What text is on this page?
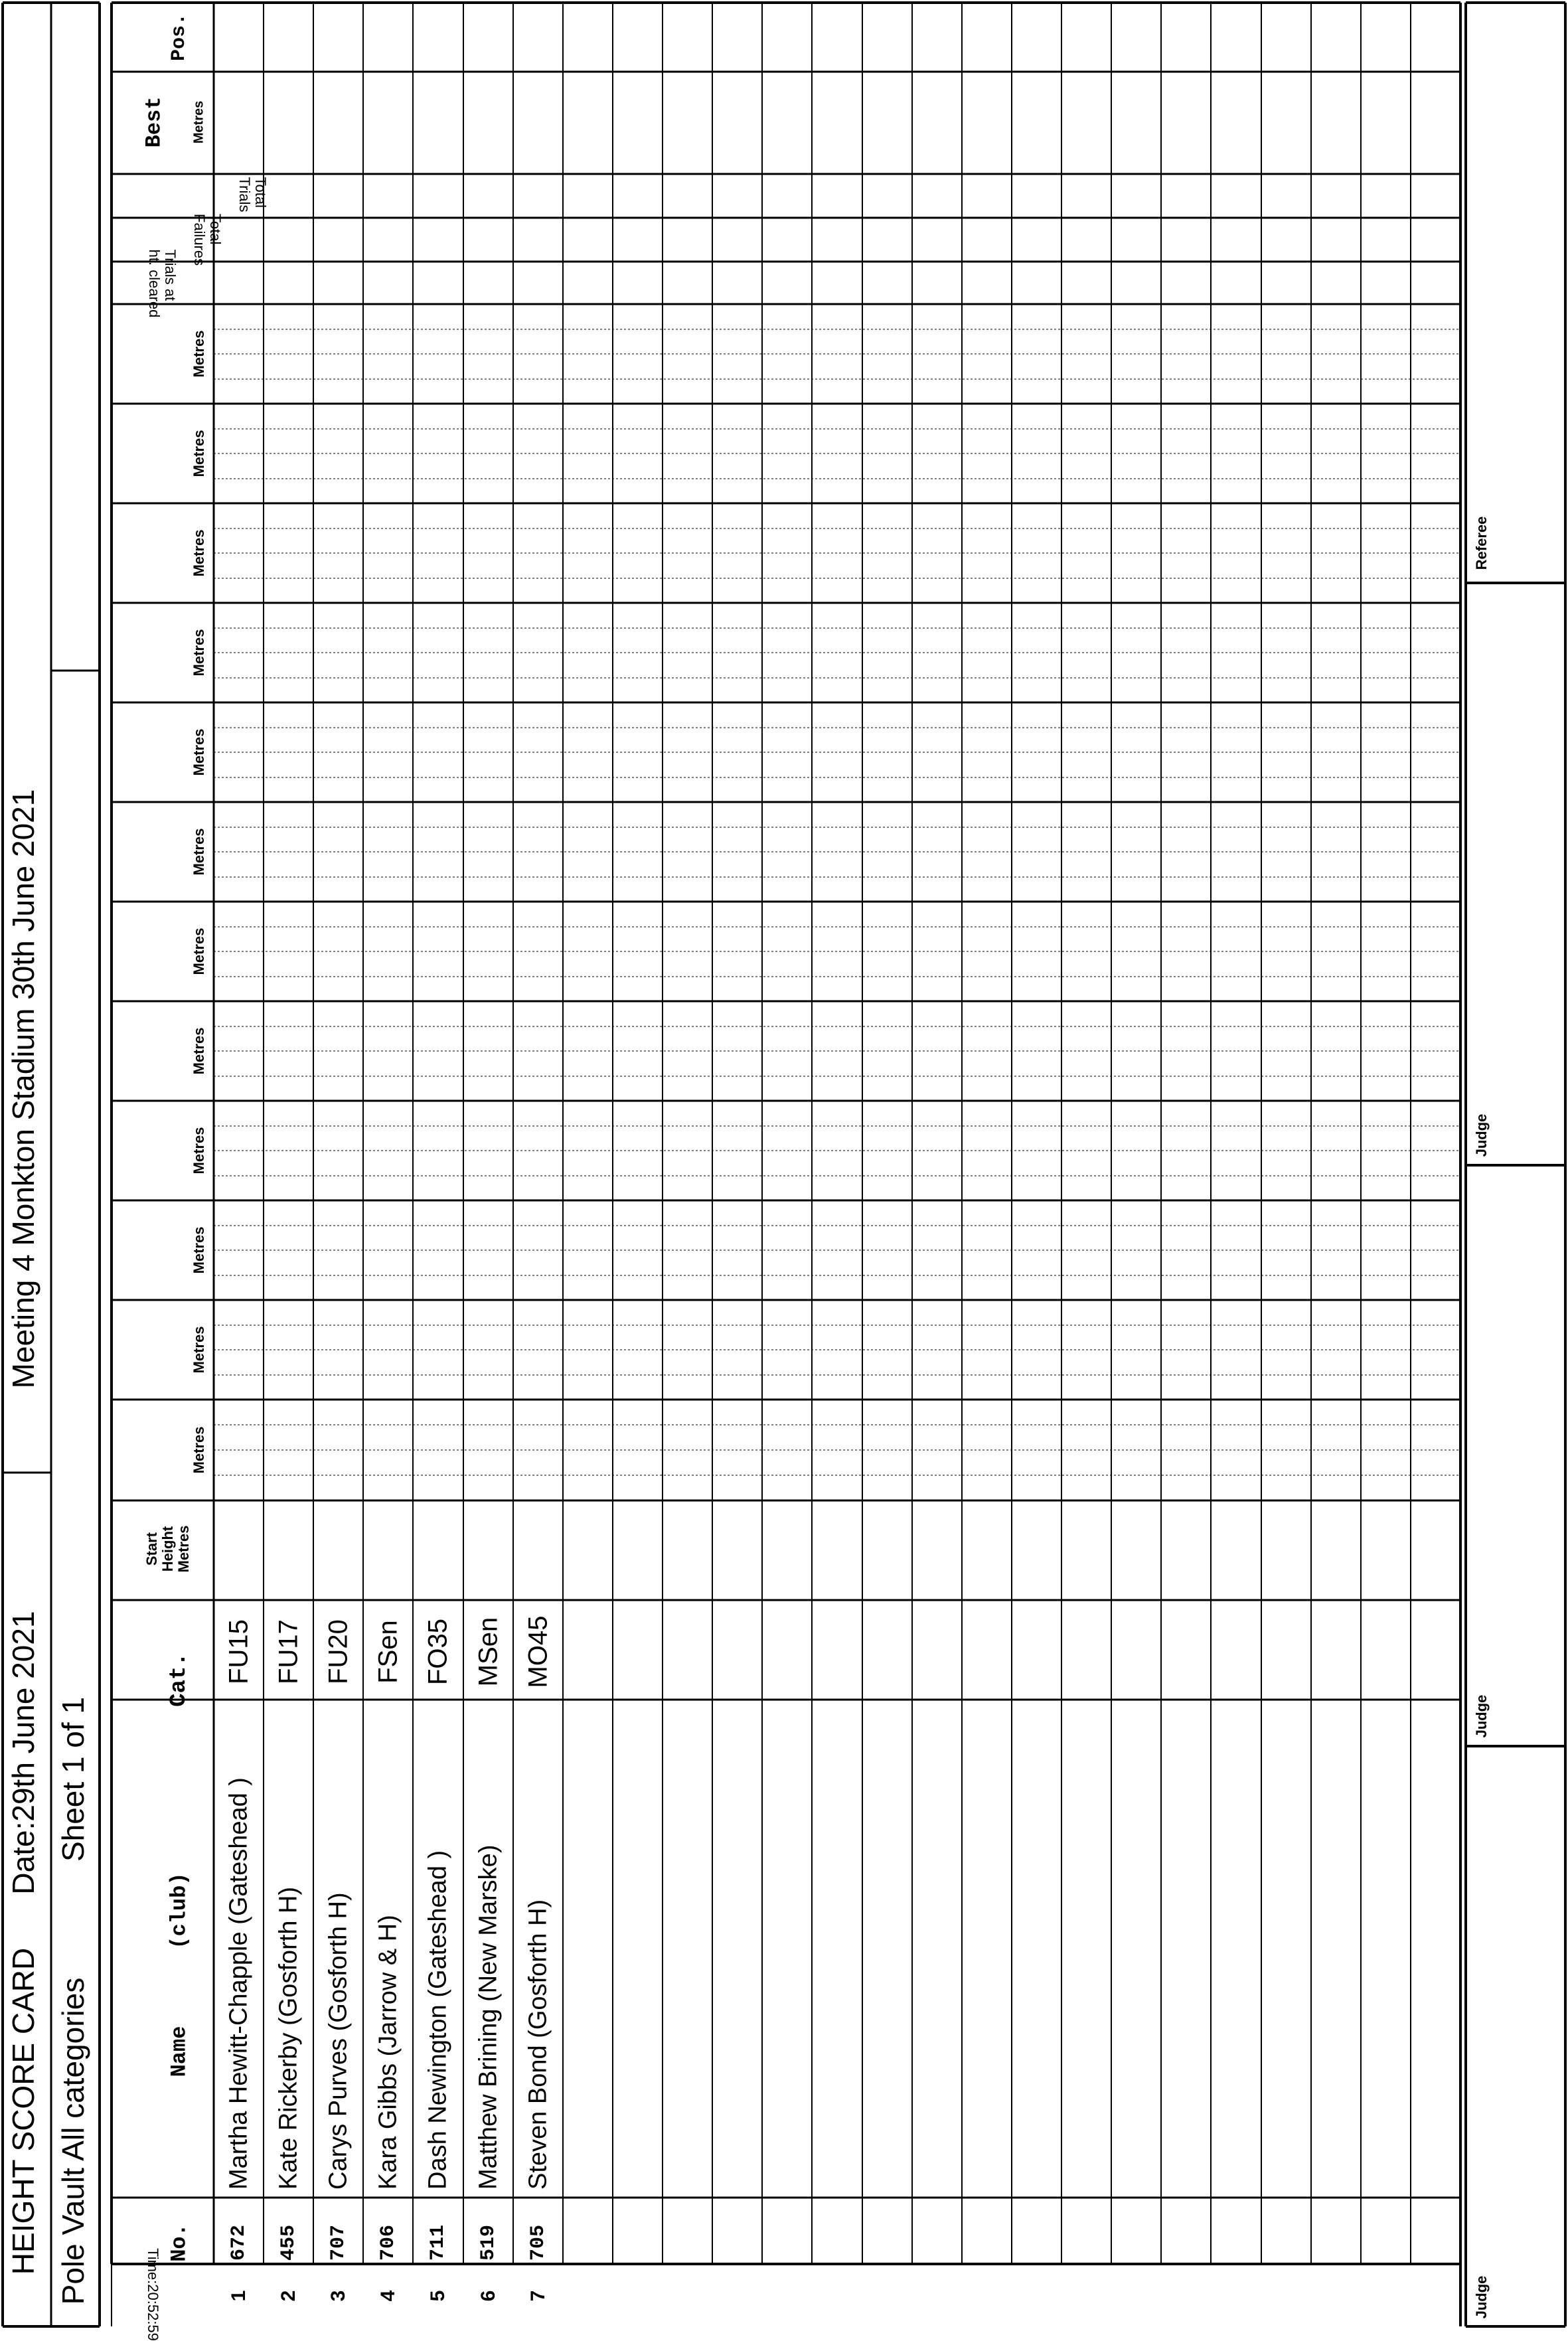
HEIGHT SCORE CARD
Date:29th June 2021
Meeting 4 Monkton Stadium 30th June 2021
Pole Vault All categories
Sheet 1 of 1
Time:20:52:59
No.
Name
(club)
Cat.
Start Height Metres
Metres
Metres
Metres
Metres
Metres
Metres
Metres
Metres
Metres
Metres
Metres
Metres
Trials at
ht. cleared
Total
Failures
Total
Trials
Best Metres
Pos.
1
672
Martha Hewitt-Chapple (Gateshead )
FU15
2
455
Kate Rickerby (Gosforth H)
FU17
3
707
Carys Purves (Gosforth H)
FU20
4
706
Kara Gibbs (Jarrow & H)
FSen
5
711
Dash Newington (Gateshead )
FO35
6
519
Matthew Brining (New Marske)
MSen
7
705
Steven Bond (Gosforth H)
MO45
Judge
Judge
Judge
Referee
